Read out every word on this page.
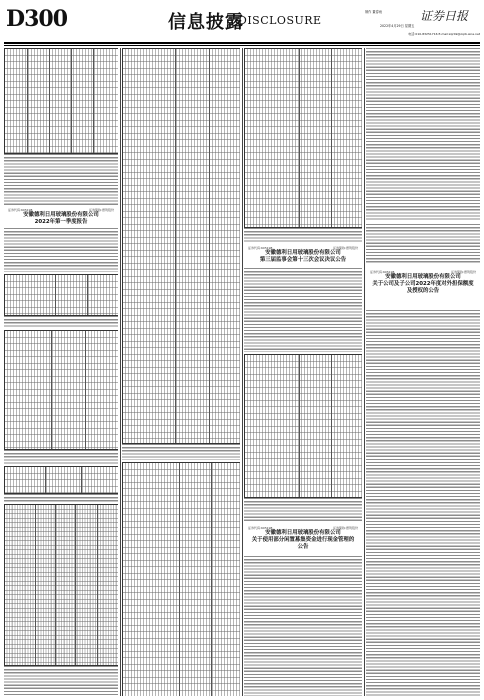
D300	信息披露
DISCLOSURE
制作 董春雨
2022年4月29日 星期五
证券日报
电话:010-83251716 E-mail:zqrb9@zqrb.sina.net
证券代码:605198	证券简称:德利股份
安徽德利日用玻璃股份有限公司
2022年第一季度报告
证券代码:605198	证券简称:德利股份
安徽德利日用玻璃股份有限公司
第三届监事会第十三次会议决议公告
证券代码:605198	证券简称:德利股份
安徽德利日用玻璃股份有限公司
关于使用部分闲置募集资金进行现金管理的公告
证券代码:605198	证券简称:德利股份
安徽德利日用玻璃股份有限公司
关于公司及子公司2022年度对外担保额度及授权的公告
